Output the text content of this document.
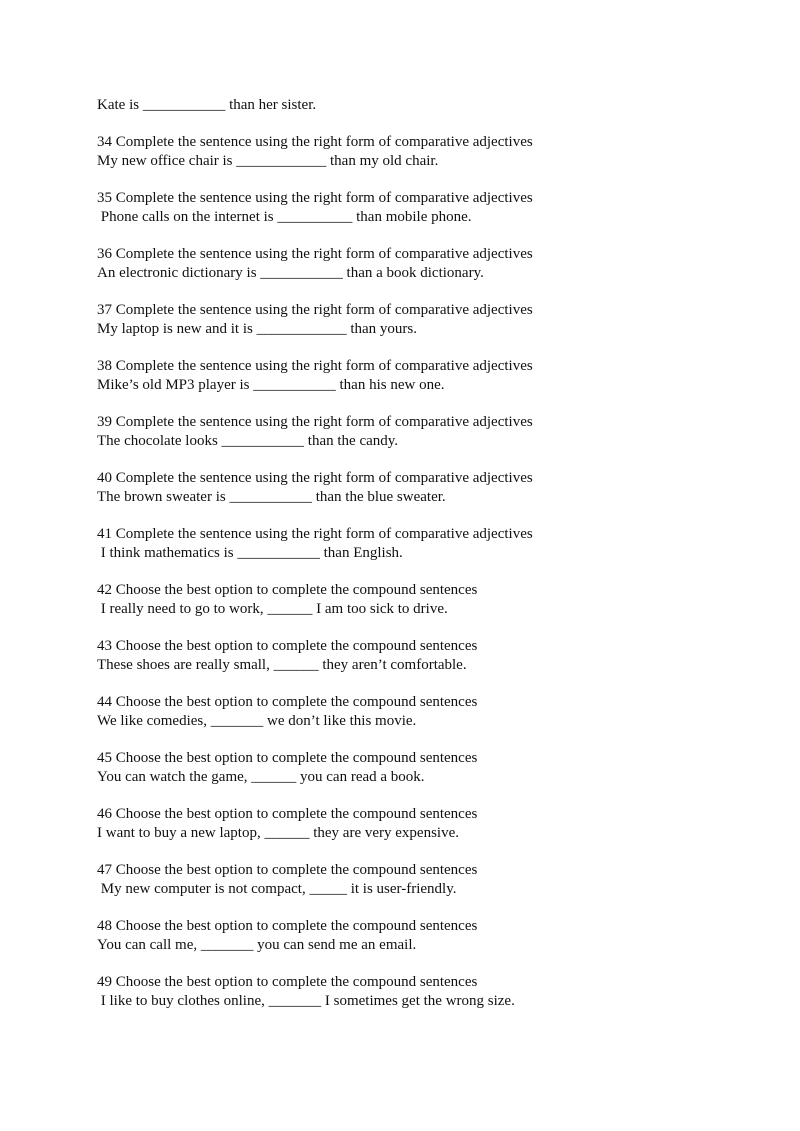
Kate is ___________ than her sister.

34 Complete the sentence using the right form of comparative adjectives

My new office chair is ____________ than my old chair.

35 Complete the sentence using the right form of comparative adjectives

Phone calls on the internet is __________ than mobile phone.

36 Complete the sentence using the right form of comparative adjectives

An electronic dictionary is ___________ than a book dictionary.

37 Complete the sentence using the right form of comparative adjectives

My laptop is new and it is ____________ than yours.

38 Complete the sentence using the right form of comparative adjectives

Mike’s old MP3 player is ___________ than his new one.

39 Complete the sentence using the right form of comparative adjectives

The chocolate looks ___________ than the candy.

40 Complete the sentence using the right form of comparative adjectives

The brown sweater is ___________ than the blue sweater.

41 Complete the sentence using the right form of comparative adjectives

I think mathematics is ___________ than English.

42 Choose the best option to complete the compound sentences

I really need to go to work, ______ I am too sick to drive.

43 Choose the best option to complete the compound sentences

These shoes are really small, ______ they aren’t comfortable.

44 Choose the best option to complete the compound sentences

We like comedies, _______ we don’t like this movie.

45 Choose the best option to complete the compound sentences

You can watch the game, ______ you can read a book.

46 Choose the best option to complete the compound sentences

I want to buy a new laptop, ______ they are very expensive.

47 Choose the best option to complete the compound sentences

My new computer is not compact, _____ it is user-friendly.

48 Choose the best option to complete the compound sentences

You can call me, _______ you can send me an email.

49 Choose the best option to complete the compound sentences

I like to buy clothes online, _______ I sometimes get the wrong size.
